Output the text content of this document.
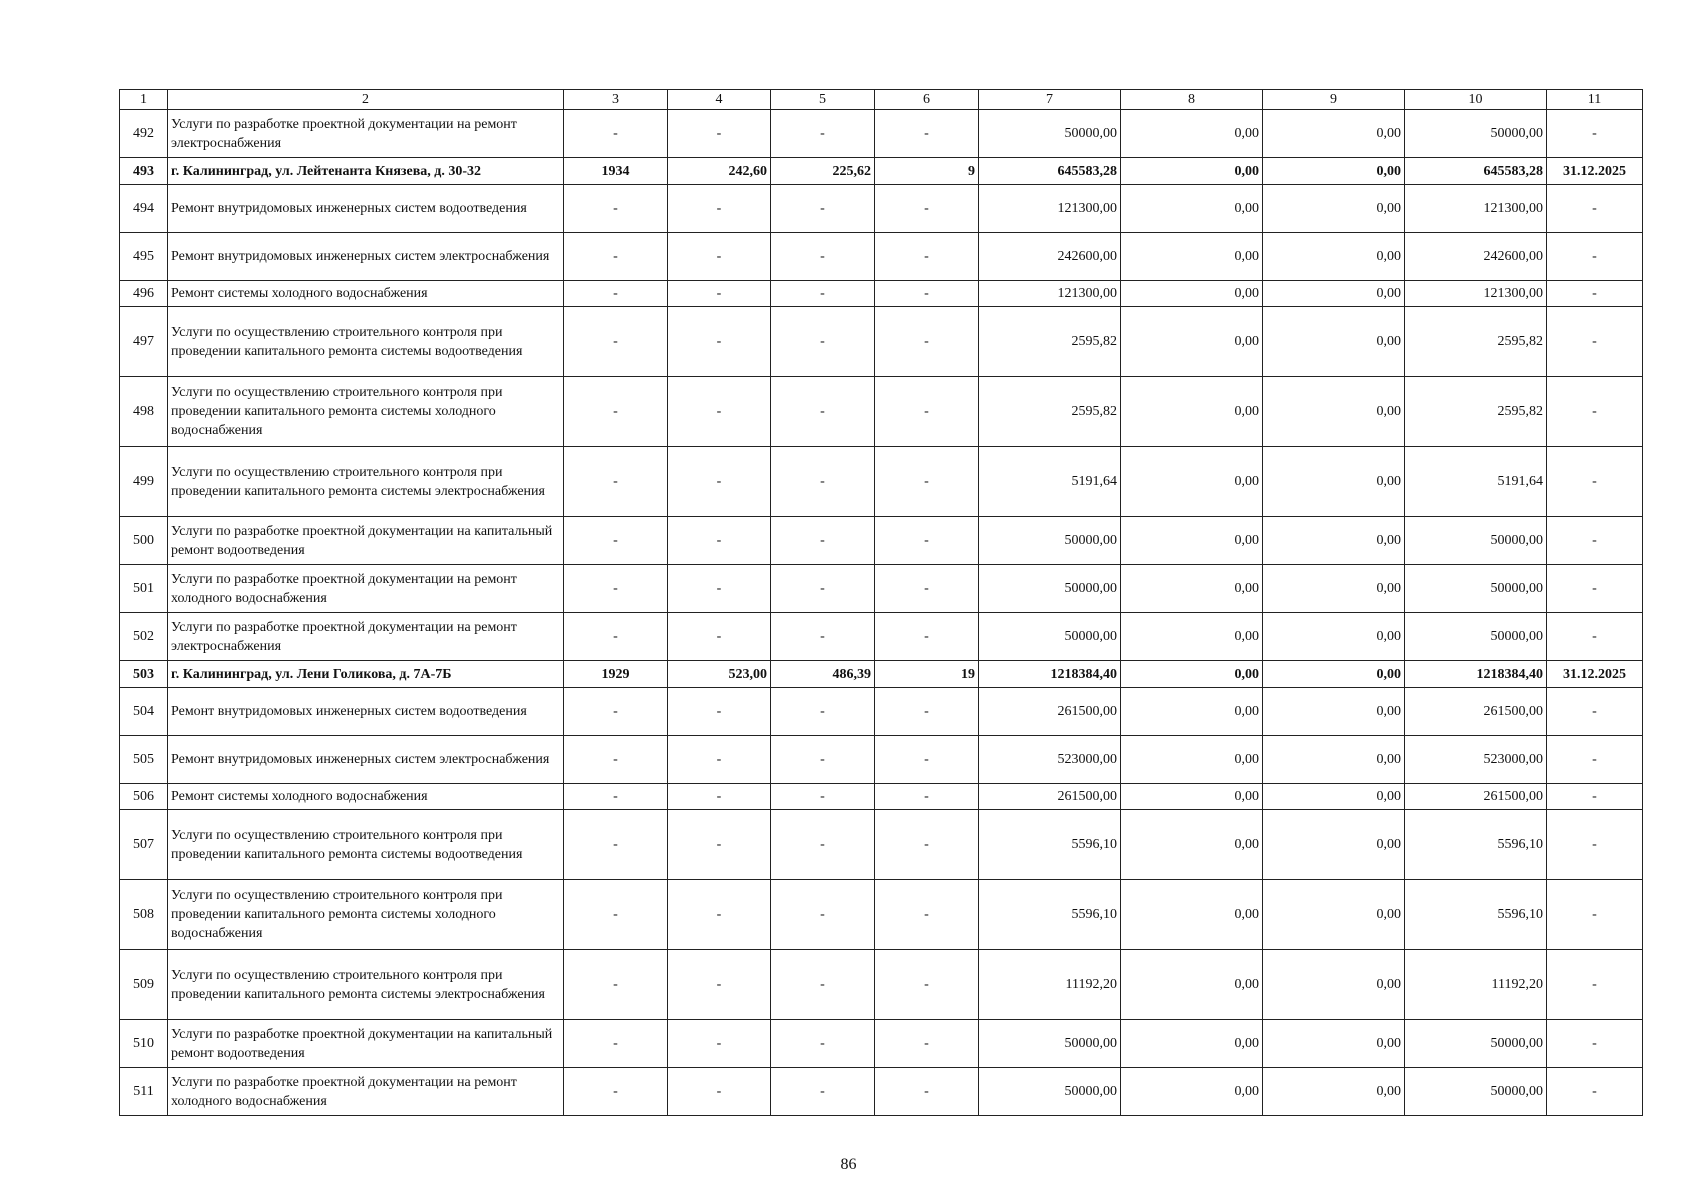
1	2	3	4	5	6	7	8	9	10	11
492	Услуги по разработке проектной документации на ремонт электроснабжения	-	-	-	-	50000,00	0,00	0,00	50000,00	-
493	г. Калининград, ул. Лейтенанта Князева, д. 30-32	1934	242,60	225,62	9	645583,28	0,00	0,00	645583,28	31.12.2025
494	Ремонт внутридомовых инженерных систем водоотведения	-	-	-	-	121300,00	0,00	0,00	121300,00	-
495	Ремонт внутридомовых инженерных систем электроснабжения	-	-	-	-	242600,00	0,00	0,00	242600,00	-
496	Ремонт системы холодного водоснабжения	-	-	-	-	121300,00	0,00	0,00	121300,00	-
497	Услуги по осуществлению строительного контроля при проведении капитального ремонта системы водоотведения	-	-	-	-	2595,82	0,00	0,00	2595,82	-
498	Услуги по осуществлению строительного контроля при проведении капитального ремонта системы холодного водоснабжения	-	-	-	-	2595,82	0,00	0,00	2595,82	-
499	Услуги по осуществлению строительного контроля при проведении капитального ремонта системы электроснабжения	-	-	-	-	5191,64	0,00	0,00	5191,64	-
500	Услуги по разработке проектной документации на капитальный ремонт водоотведения	-	-	-	-	50000,00	0,00	0,00	50000,00	-
501	Услуги по разработке проектной документации на ремонт холодного водоснабжения	-	-	-	-	50000,00	0,00	0,00	50000,00	-
502	Услуги по разработке проектной документации на ремонт электроснабжения	-	-	-	-	50000,00	0,00	0,00	50000,00	-
503	г. Калининград, ул. Лени Голикова, д. 7А-7Б	1929	523,00	486,39	19	1218384,40	0,00	0,00	1218384,40	31.12.2025
504	Ремонт внутридомовых инженерных систем водоотведения	-	-	-	-	261500,00	0,00	0,00	261500,00	-
505	Ремонт внутридомовых инженерных систем электроснабжения	-	-	-	-	523000,00	0,00	0,00	523000,00	-
506	Ремонт системы холодного водоснабжения	-	-	-	-	261500,00	0,00	0,00	261500,00	-
507	Услуги по осуществлению строительного контроля при проведении капитального ремонта системы водоотведения	-	-	-	-	5596,10	0,00	0,00	5596,10	-
508	Услуги по осуществлению строительного контроля при проведении капитального ремонта системы холодного водоснабжения	-	-	-	-	5596,10	0,00	0,00	5596,10	-
509	Услуги по осуществлению строительного контроля при проведении капитального ремонта системы электроснабжения	-	-	-	-	11192,20	0,00	0,00	11192,20	-
510	Услуги по разработке проектной документации на капитальный ремонт водоотведения	-	-	-	-	50000,00	0,00	0,00	50000,00	-
511	Услуги по разработке проектной документации на ремонт холодного водоснабжения	-	-	-	-	50000,00	0,00	0,00	50000,00	-
86
